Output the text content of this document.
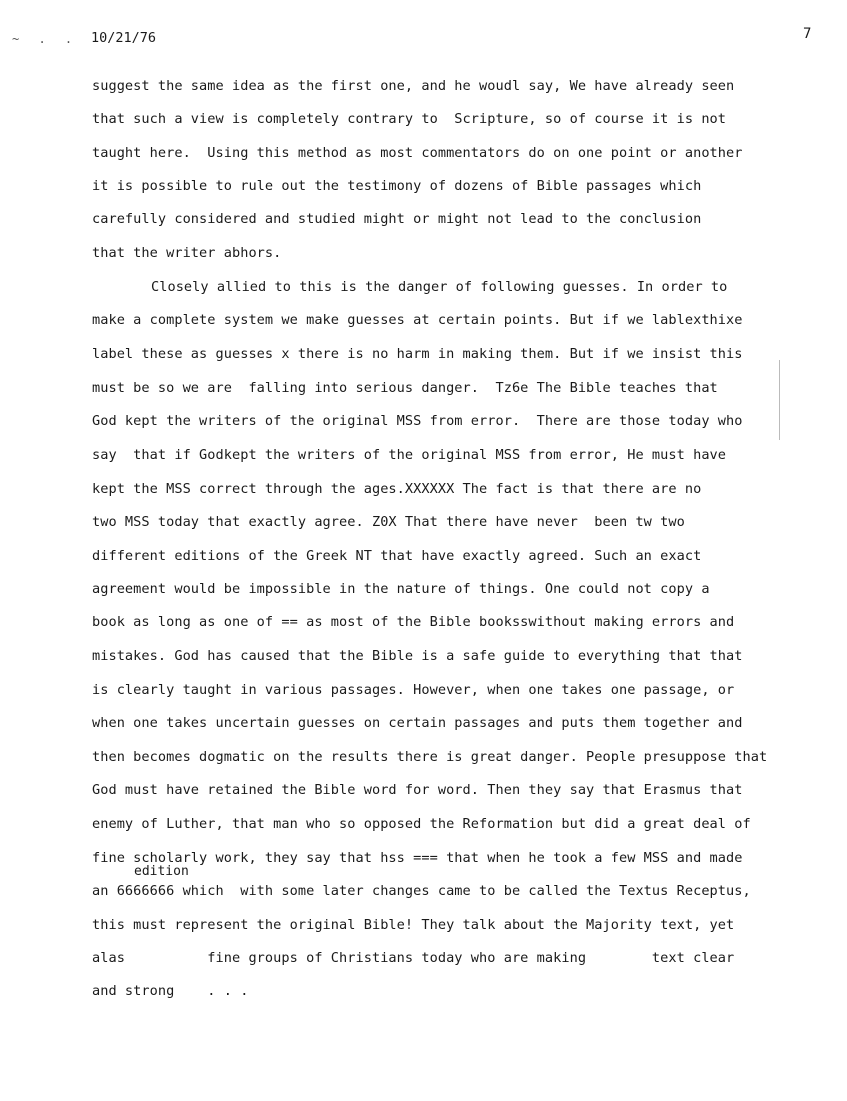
~ . . 10/21/76	7
suggest the same idea as the first one, and he woudl say, We have already seen
that such a view is completely contrary to  Scripture, so of course it is not
taught here.  Using this method as most commentators do on one point or another
it is possible to rule out the testimony of dozens of Bible passages which
carefully considered and studied might or might not lead to the conclusion
that the writer abhors.
Closely allied to this is the danger of following guesses. In order to
make a complete system we make guesses at certain points. But if we lablexthixe
label these as guesses x there is no harm in making them. But if we insist this
must be so we are  falling into serious danger.  Tz6e The Bible teaches that
God kept the writers of the original MSS from error.  There are those today who
say  that if Godkept the writers of the original MSS from error, He must have
kept the MSS correct through the ages.XXXXXX The fact is that there are no
two MSS today that exactly agree. Z0X That there have never  been tw two
different editions of the Greek NT that have exactly agreed. Such an exact
agreement would be impossible in the nature of things. One could not copy a
book as long as one of == as most of the Bible booksswithout making errors and
mistakes. God has caused that the Bible is a safe guide to everything that that
is clearly taught in various passages. However, when one takes one passage, or
when one takes uncertain guesses on certain passages and puts them together and
then becomes dogmatic on the results there is great danger. People presuppose that
God must have retained the Bible word for word. Then they say that Erasmus that
enemy of Luther, that man who so opposed the Reformation but did a great deal of
fine scholarly work, they say that hss === that when he took a few MSS and made
edition
an 6666666 which  with some later changes came to be called the Textus Receptus,
this must represent the original Bible! They talk about the Majority text, yet
alas          fine groups of Christians today who are making        text clear
and strong    . . .
